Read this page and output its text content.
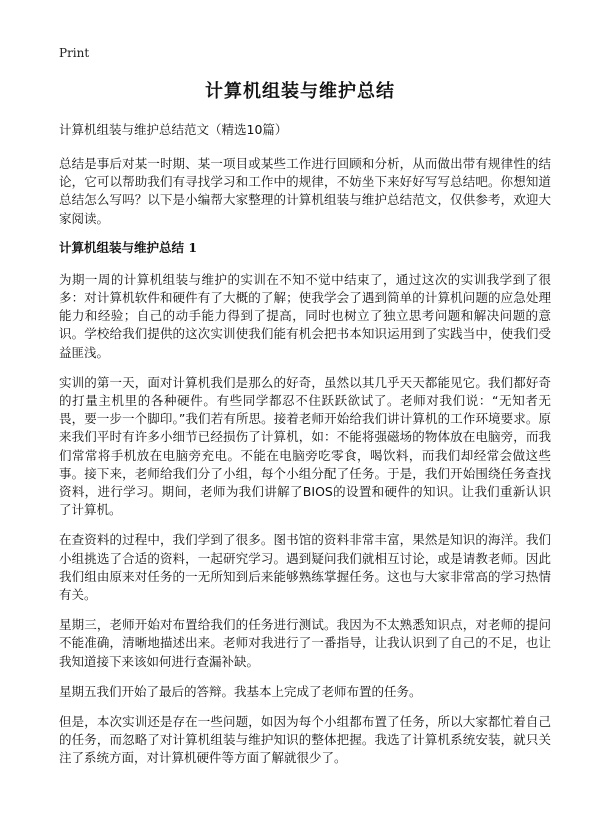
Print
计算机组装与维护总结
计算机组装与维护总结范文（精选10篇）

总结是事后对某一时期、某一项目或某些工作进行回顾和分析，从而做出带有规律性的结论，它可以帮助我们有寻找学习和工作中的规律，不妨坐下来好好写写总结吧。你想知道总结怎么写吗？以下是小编帮大家整理的计算机组装与维护总结范文，仅供参考，欢迎大家阅读。

计算机组装与维护总结 1

为期一周的计算机组装与维护的实训在不知不觉中结束了，通过这次的实训我学到了很多：对计算机软件和硬件有了大概的了解；使我学会了遇到简单的计算机问题的应急处理能力和经验；自己的动手能力得到了提高，同时也树立了独立思考问题和解决问题的意识。学校给我们提供的这次实训使我们能有机会把书本知识运用到了实践当中，使我们受益匪浅。

实训的第一天，面对计算机我们是那么的好奇，虽然以其几乎天天都能见它。我们都好奇的打量主机里的各种硬件。有些同学都忍不住跃跃欲试了。老师对我们说：“无知者无畏，要一步一个脚印。”我们若有所思。接着老师开始给我们讲计算机的工作环境要求。原来我们平时有许多小细节已经损伤了计算机，如：不能将强磁场的物体放在电脑旁，而我们常常将手机放在电脑旁充电。不能在电脑旁吃零食，喝饮料，而我们却经常会做这些事。接下来，老师给我们分了小组，每个小组分配了任务。于是，我们开始围绕任务查找资料，进行学习。期间，老师为我们讲解了BIOS的设置和硬件的知识。让我们重新认识了计算机。

在查资料的过程中，我们学到了很多。图书馆的资料非常丰富，果然是知识的海洋。我们小组挑选了合适的资料，一起研究学习。遇到疑问我们就相互讨论，或是请教老师。因此我们组由原来对任务的一无所知到后来能够熟练掌握任务。这也与大家非常高的学习热情有关。

星期三，老师开始对布置给我们的任务进行测试。我因为不太熟悉知识点，对老师的提问不能准确，清晰地描述出来。老师对我进行了一番指导，让我认识到了自己的不足，也让我知道接下来该如何进行查漏补缺。

星期五我们开始了最后的答辩。我基本上完成了老师布置的任务。

但是，本次实训还是存在一些问题，如因为每个小组都布置了任务，所以大家都忙着自己的任务，而忽略了对计算机组装与维护知识的整体把握。我选了计算机系统安装，就只关注了系统方面，对计算机硬件等方面了解就很少了。
